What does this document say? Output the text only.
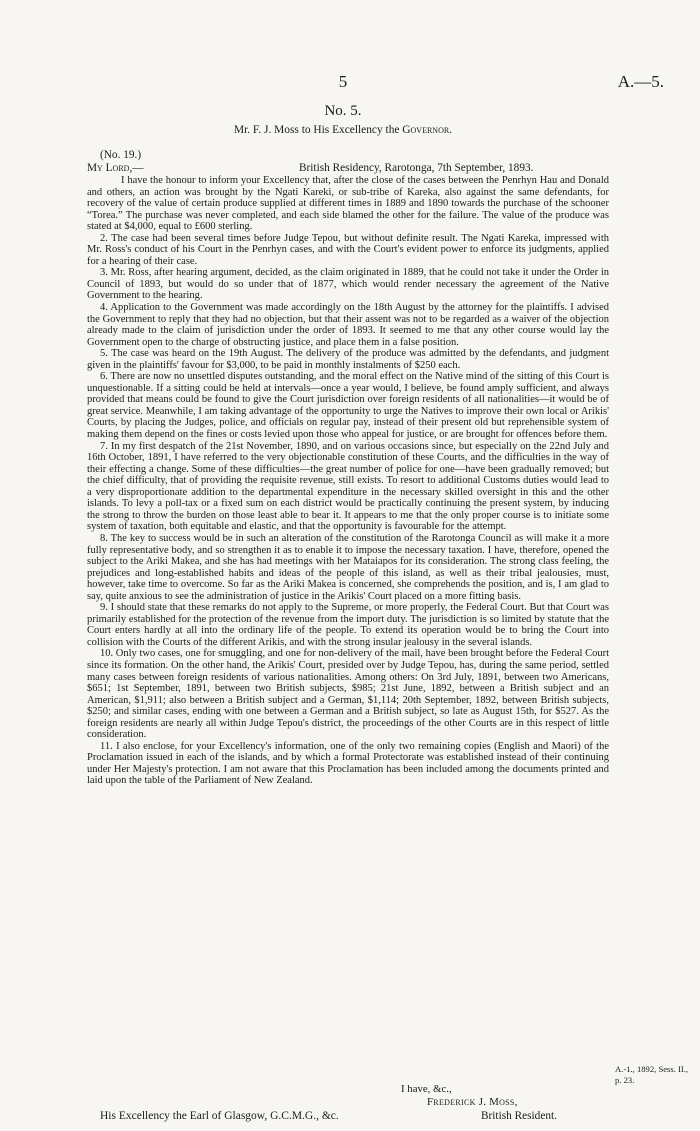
5	A.—5.
No. 5.
Mr. F. J. Moss to His Excellency the Governor.
(No. 19.)
My Lord,—	British Residency, Rarotonga, 7th September, 1893.

I have the honour to inform your Excellency that, after the close of the cases between the Penrhyn Hau and Donald and others, an action was brought by the Ngati Kareki, or sub-tribe of Kareka, also against the same defendants, for recovery of the value of certain produce supplied at different times in 1889 and 1890 towards the purchase of the schooner “Torea.” The purchase was never completed, and each side blamed the other for the failure. The value of the produce was stated at $4,000, equal to £600 sterling.

2. The case had been several times before Judge Tepou, but without definite result. The Ngati Kareka, impressed with Mr. Ross's conduct of his Court in the Penrhyn cases, and with the Court's evident power to enforce its judgments, applied for a hearing of their case.

3. Mr. Ross, after hearing argument, decided, as the claim originated in 1889, that he could not take it under the Order in Council of 1893, but would do so under that of 1877, which would render necessary the agreement of the Native Government to the hearing.

4. Application to the Government was made accordingly on the 18th August by the attorney for the plaintiffs. I advised the Government to reply that they had no objection, but that their assent was not to be regarded as a waiver of the objection already made to the claim of jurisdiction under the order of 1893. It seemed to me that any other course would lay the Government open to the charge of obstructing justice, and place them in a false position.

5. The case was heard on the 19th August. The delivery of the produce was admitted by the defendants, and judgment given in the plaintiffs' favour for $3,000, to be paid in monthly instalments of $250 each.

6. There are now no unsettled disputes outstanding, and the moral effect on the Native mind of the sitting of this Court is unquestionable. If a sitting could be held at intervals—once a year would, I believe, be found amply sufficient, and always provided that means could be found to give the Court jurisdiction over foreign residents of all nationalities—it would be of great service. Meanwhile, I am taking advantage of the opportunity to urge the Natives to improve their own local or Arikis' Courts, by placing the Judges, police, and officials on regular pay, instead of their present old but reprehensible system of making them depend on the fines or costs levied upon those who appeal for justice, or are brought for offences before them.

7. In my first despatch of the 21st November, 1890, and on various occasions since, but especially on the 22nd July and 16th October, 1891, I have referred to the very objectionable constitution of these Courts, and the difficulties in the way of their effecting a change. Some of these difficulties—the great number of police for one—have been gradually removed; but the chief difficulty, that of providing the requisite revenue, still exists. To resort to additional Customs duties would lead to a very disproportionate addition to the departmental expenditure in the necessary skilled oversight in this and the other islands. To levy a poll-tax or a fixed sum on each district would be practically continuing the present system, by inducing the strong to throw the burden on those least able to bear it. It appears to me that the only proper course is to initiate some system of taxation, both equitable and elastic, and that the opportunity is favourable for the attempt.

8. The key to success would be in such an alteration of the constitution of the Rarotonga Council as will make it a more fully representative body, and so strengthen it as to enable it to impose the necessary taxation. I have, therefore, opened the subject to the Ariki Makea, and she has had meetings with her Mataiapos for its consideration. The strong class feeling, the prejudices and long-established habits and ideas of the people of this island, as well as their tribal jealousies, must, however, take time to overcome. So far as the Ariki Makea is concerned, she comprehends the position, and is, I am glad to say, quite anxious to see the administration of justice in the Arikis' Court placed on a more fitting basis.

9. I should state that these remarks do not apply to the Supreme, or more properly, the Federal Court. But that Court was primarily established for the protection of the revenue from the import duty. The jurisdiction is so limited by statute that the Court enters hardly at all into the ordinary life of the people. To extend its operation would be to bring the Court into collision with the Courts of the different Arikis, and with the strong insular jealousy in the several islands.

10. Only two cases, one for smuggling, and one for non-delivery of the mail, have been brought before the Federal Court since its formation. On the other hand, the Arikis' Court, presided over by Judge Tepou, has, during the same period, settled many cases between foreign residents of various nationalities. Among others: On 3rd July, 1891, between two Americans, $651; 1st September, 1891, between two British subjects, $985; 21st June, 1892, between a British subject and an American, $1,911; also between a British subject and a German, $1,114; 20th September, 1892, between British subjects, $250; and similar cases, ending with one between a German and a British subject, so late as August 15th, for $527. As the foreign residents are nearly all within Judge Tepou's district, the proceedings of the other Courts are in this respect of little consideration.

11. I also enclose, for your Excellency's information, one of the only two remaining copies (English and Maori) of the Proclamation issued in each of the islands, and by which a formal Protectorate was established instead of their continuing under Her Majesty's protection. I am not aware that this Proclamation has been included among the documents printed and laid upon the table of the Parliament of New Zealand.

A.-1., 1892, Sess. II., p. 23.
I have, &c.,
Frederick J. Moss,
His Excellency the Earl of Glasgow, G.C.M.G., &c.	British Resident.
